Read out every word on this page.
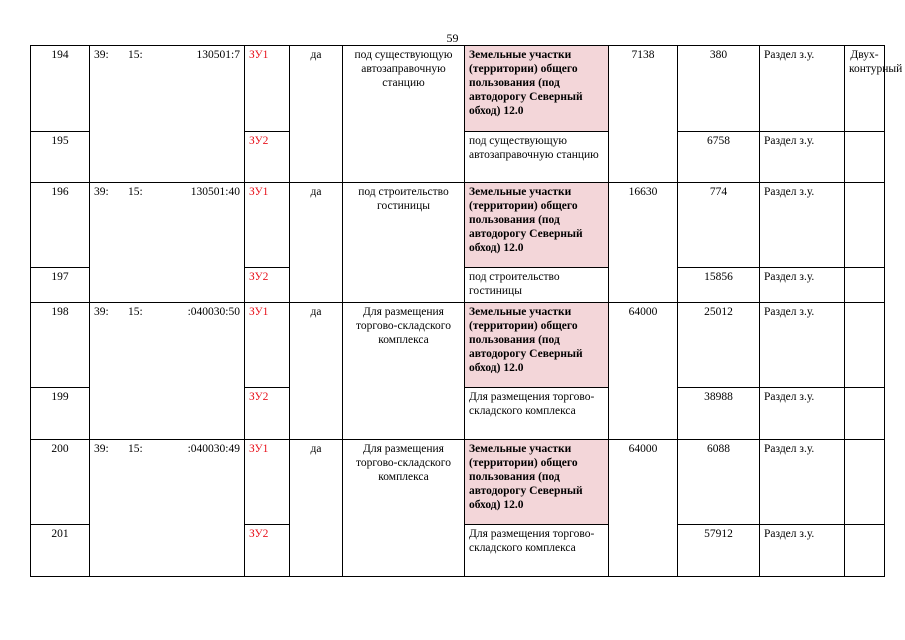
59
194	39: 15: 130501:7	ЗУ1	да	под существующую автозаправочную станцию	Земельные участки (территории) общего пользования (под автодорогу Северный обход) 12.0	7138	380	Раздел з.у.	Двух-контурный
195		ЗУ2			под существующую автозаправочную станцию		6758	Раздел з.у.	
196	39: 15: 130501:40	ЗУ1	да	под строительство гостиницы	Земельные участки (территории) общего пользования (под автодорогу Северный обход) 12.0	16630	774	Раздел з.у.	
197		ЗУ2			под строительство гостиницы		15856	Раздел з.у.	
198	39: 15: :040030:50	ЗУ1	да	Для размещения торгово-складского комплекса	Земельные участки (территории) общего пользования (под автодорогу Северный обход) 12.0	64000	25012	Раздел з.у.	
199		ЗУ2			Для размещения торгово-складского комплекса		38988	Раздел з.у.	
200	39: 15: :040030:49	ЗУ1	да	Для размещения торгово-складского комплекса	Земельные участки (территории) общего пользования (под автодорогу Северный обход) 12.0	64000	6088	Раздел з.у.	
201		ЗУ2			Для размещения торгово-складского комплекса		57912	Раздел з.у.	
